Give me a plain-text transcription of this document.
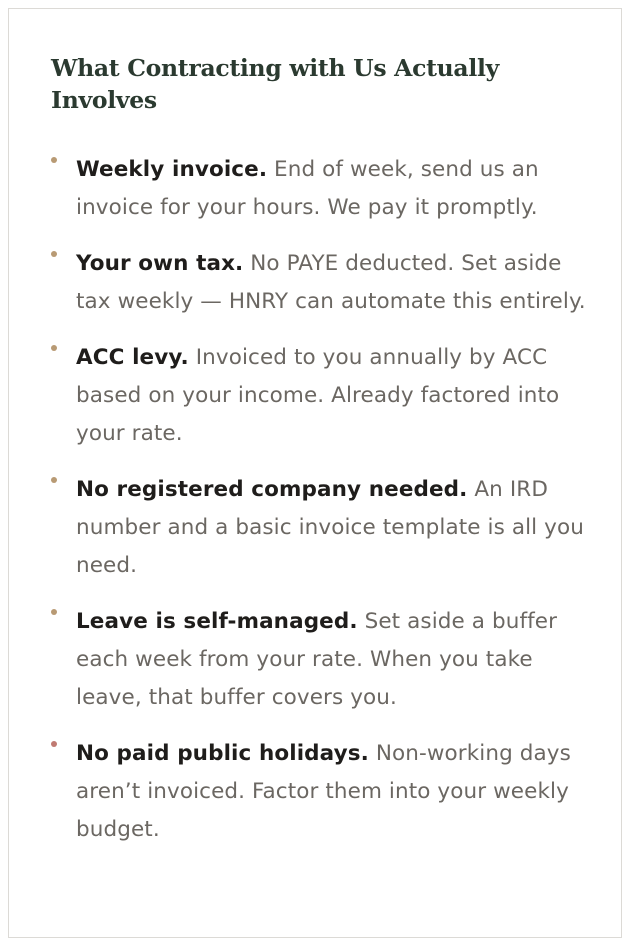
What Contracting with Us Actually Involves
Weekly invoice. End of week, send us an invoice for your hours. We pay it promptly.
Your own tax. No PAYE deducted. Set aside tax weekly — HNRY can automate this entirely.
ACC levy. Invoiced to you annually by ACC based on your income. Already factored into your rate.
No registered company needed. An IRD number and a basic invoice template is all you need.
Leave is self-managed. Set aside a buffer each week from your rate. When you take leave, that buffer covers you.
No paid public holidays. Non-working days aren’t invoiced. Factor them into your weekly budget.
